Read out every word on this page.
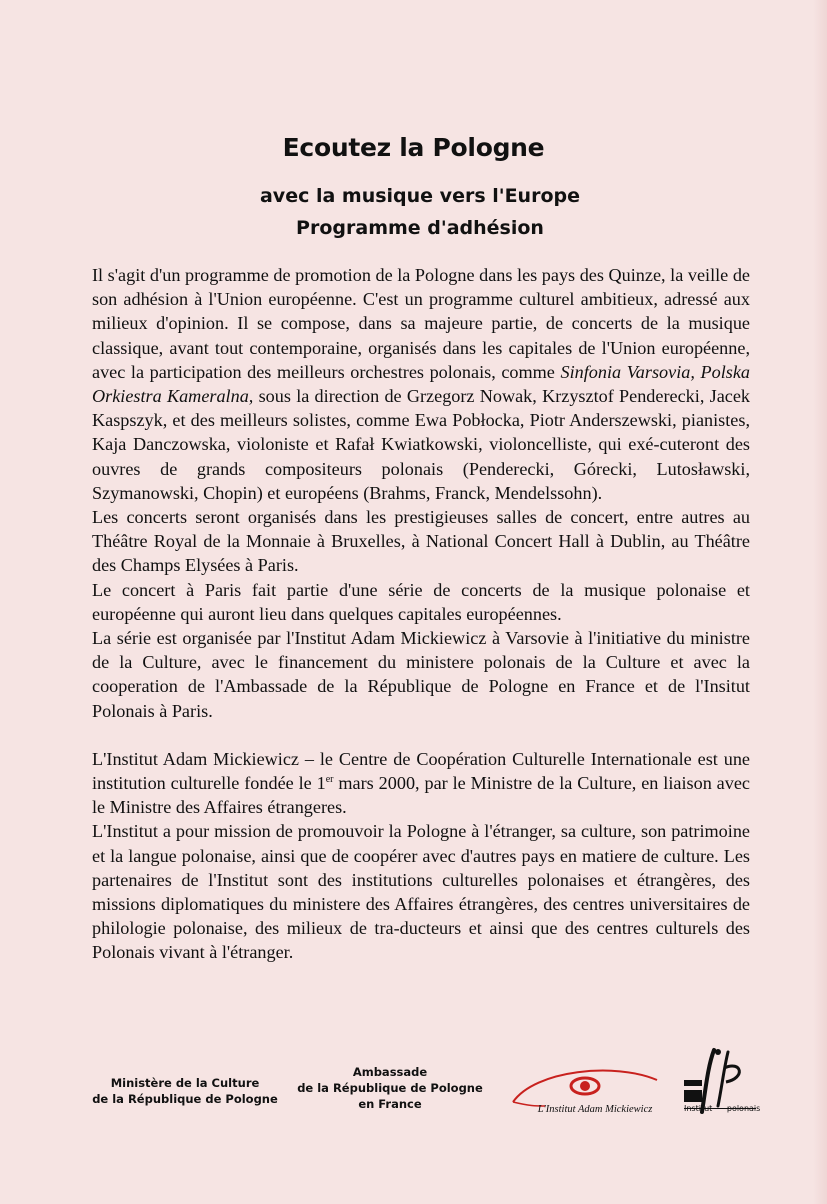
Ecoutez la Pologne
avec la musique vers l'Europe
Programme d'adhésion

Il s'agit d'un programme de promotion de la Pologne dans les pays des Quinze, la veille de son adhésion à l'Union européenne. C'est un programme culturel ambitieux, adressé aux milieux d'opinion. Il se compose, dans sa majeure partie, de concerts de la musique classique, avant tout contemporaine, organisés dans les capitales de l'Union européenne, avec la participation des meilleurs orchestres polonais, comme Sinfonia Varsovia, Polska Orkiestra Kameralna, sous la direction de Grzegorz Nowak, Krzysztof Penderecki, Jacek Kaspszyk, et des meilleurs solistes, comme Ewa Pobłocka, Piotr Anderszewski, pianistes, Kaja Danczowska, violoniste et Rafał Kwiatkowski, violoncelliste, qui exé-cuteront des ouvres de grands compositeurs polonais (Penderecki, Górecki, Lutosławski, Szymanowski, Chopin) et européens (Brahms, Franck, Mendelssohn).

Les concerts seront organisés dans les prestigieuses salles de concert, entre autres au Théâtre Royal de la Monnaie à Bruxelles, à National Concert Hall à Dublin, au Théâtre des Champs Elysées à Paris.

Le concert à Paris fait partie d'une série de concerts de la musique polonaise et européenne qui auront lieu dans quelques capitales européennes.

La série est organisée par l'Institut Adam Mickiewicz à Varsovie à l'initiative du ministre de la Culture, avec le financement du ministere polonais de la Culture et avec la cooperation de l'Ambassade de la République de Pologne en France et de l'Insitut Polonais à Paris.

L'Institut Adam Mickiewicz – le Centre de Coopération Culturelle Internationale est une institution culturelle fondée le 1er mars 2000, par le Ministre de la Culture, en liaison avec le Ministre des Affaires étrangeres.

L'Institut a pour mission de promouvoir la Pologne à l'étranger, sa culture, son patrimoine et la langue polonaise, ainsi que de coopérer avec d'autres pays en matiere de culture. Les partenaires de l'Institut sont des institutions culturelles polonaises et étrangères, des missions diplomatiques du ministere des Affaires étrangères, des centres universitaires de philologie polonaise, des milieux de tra-ducteurs et ainsi que des centres culturels des Polonais vivant à l'étranger.

Ministère de la Culture
de la République de Pologne
Ambassade
de la République de Pologne
en France	L'Institut Adam Mickiewicz	Institut polonais
